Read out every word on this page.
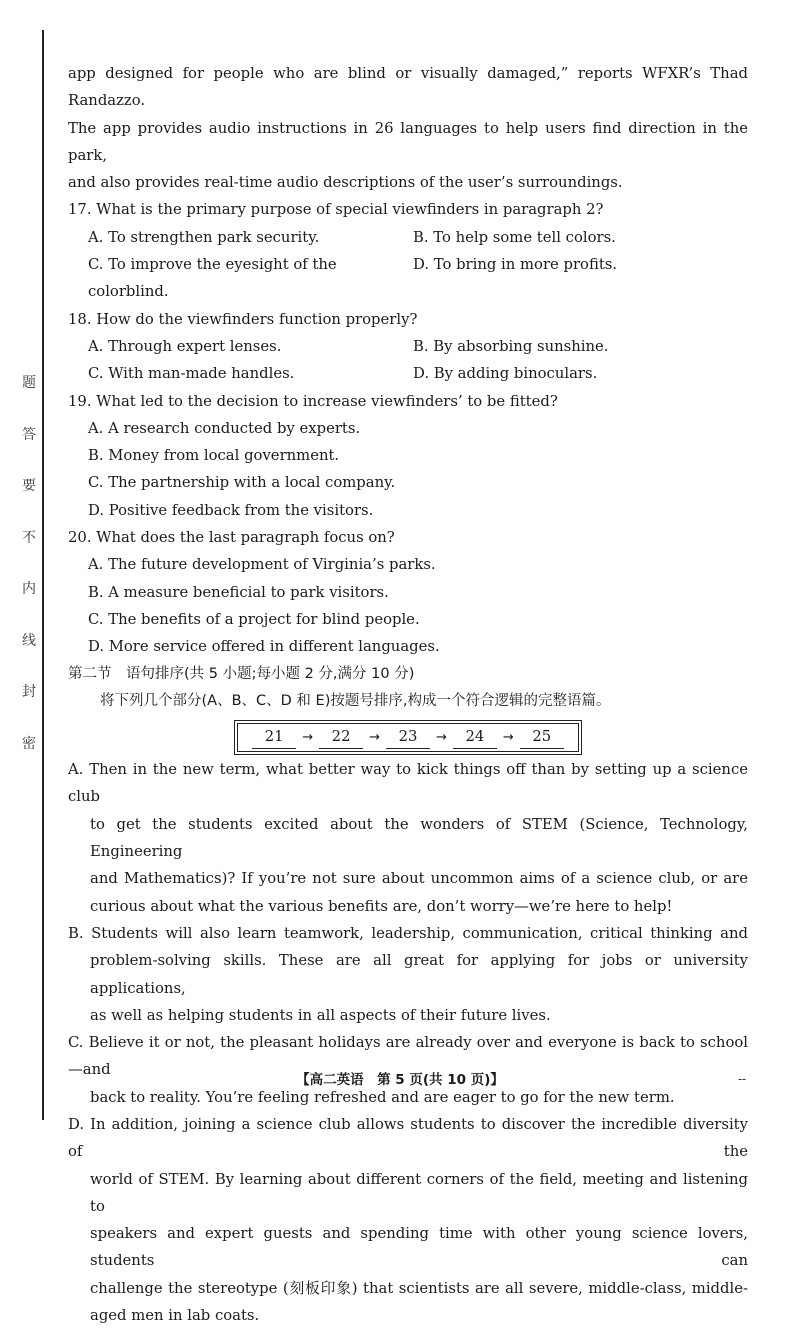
题
答
要
不
内
线
封
密
app designed for people who are blind or visually damaged,” reports WFXR’s Thad Randazzo.
The app provides audio instructions in 26 languages to help users find direction in the park,
and also provides real-time audio descriptions of the user’s surroundings.
17. What is the primary purpose of special viewfinders in paragraph 2?
A. To strengthen park security.	B. To help some tell colors.
C. To improve the eyesight of the colorblind.
D. To bring in more profits.
18. How do the viewfinders function properly?
A. Through expert lenses.	B. By absorbing sunshine.
C. With man-made handles.	D. By adding binoculars.
19. What led to the decision to increase viewfinders’ to be fitted?
A. A research conducted by experts.
B. Money from local government.
C. The partnership with a local company.
D. Positive feedback from the visitors.
20. What does the last paragraph focus on?
A. The future development of Virginia’s parks.
B. A measure beneficial to park visitors.
C. The benefits of a project for blind people.
D. More service offered in different languages.
第二节　语句排序(共 5 小题;每小题 2 分,满分 10 分)
将下列几个部分(A、B、C、D 和 E)按题号排序,构成一个符合逻辑的完整语篇。
21	→	22	→	23	→	24	→	25
A. Then in the new term, what better way to kick things off than by setting up a science club
to get the students excited about the wonders of STEM (Science, Technology, Engineering
and Mathematics)? If you’re not sure about uncommon aims of a science club, or are
curious about what the various benefits are, don’t worry—we’re here to help!
B. Students will also learn teamwork, leadership, communication, critical thinking and
problem-solving skills. These are all great for applying for jobs or university applications,
as well as helping students in all aspects of their future lives.
C. Believe it or not, the pleasant holidays are already over and everyone is back to school—and
back to reality. You’re feeling refreshed and are eager to go for the new term.
D. In addition, joining a science club allows students to discover the incredible diversity of the
world of STEM. By learning about different corners of the field, meeting and listening to
speakers and expert guests and spending time with other young science lovers, students can
challenge the stereotype (刻板印象) that scientists are all severe, middle-class, middle-
aged men in lab coats.
【高二英语　第 5 页(共 10 页)】	--
